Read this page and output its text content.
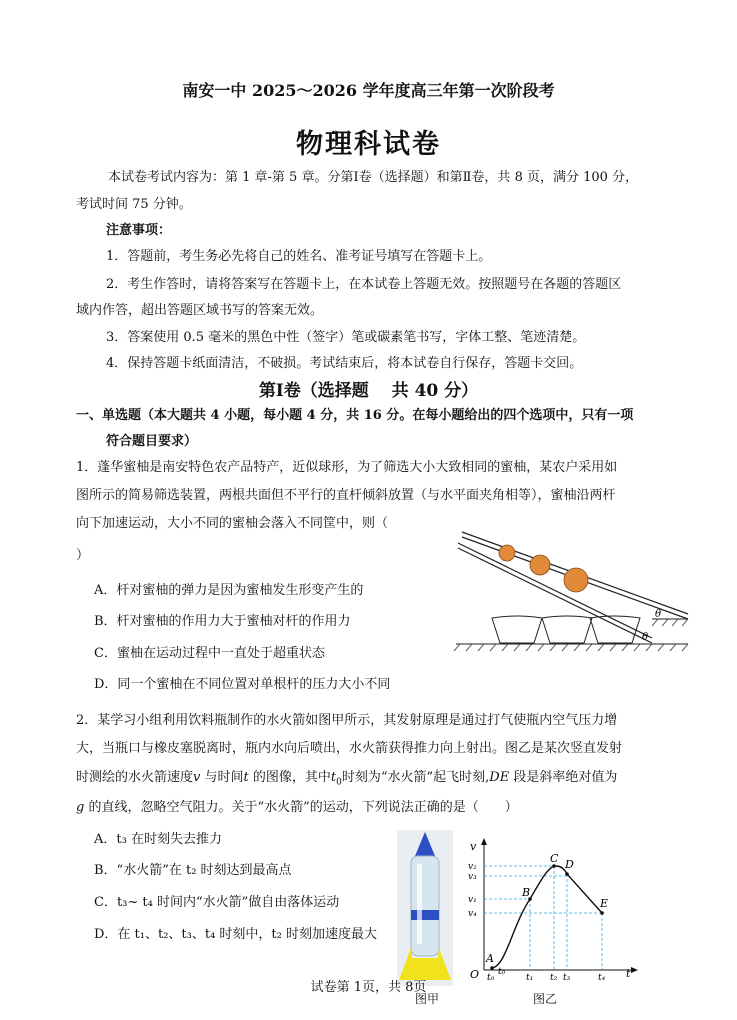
南安一中 2025～2026 学年度高三年第一次阶段考
物理科试卷
本试卷考试内容为：第 1 章-第 5 章。分第Ⅰ卷（选择题）和第Ⅱ卷，共 8 页，满分 100 分，
考试时间 75 分钟。
注意事项：
1．答题前，考生务必先将自己的姓名、准考证号填写在答题卡上。
2．考生作答时，请将答案写在答题卡上，在本试卷上答题无效。按照题号在各题的答题区
域内作答，超出答题区域书写的答案无效。
3．答案使用 0.5 毫米的黑色中性（签字）笔或碳素笔书写，字体工整、笔迹清楚。
4．保持答题卡纸面清洁，不破损。考试结束后，将本试卷自行保存，答题卡交回。
第Ⅰ卷（选择题　 共 40 分）
一、单选题（本大题共 4 小题，每小题 4 分，共 16 分。在每小题给出的四个选项中，只有一项
符合题目要求）
1．蓬华蜜柚是南安特色农产品特产，近似球形，为了筛选大小大致相同的蜜柚，某农户采用如
图所示的简易筛选装置，两根共面但不平行的直杆倾斜放置（与水平面夹角相等），蜜柚沿两杆
向下加速运动，大小不同的蜜柚会落入不同筐中，则（
）
A．杆对蜜柚的弹力是因为蜜柚发生形变产生的
B．杆对蜜柚的作用力大于蜜柚对杆的作用力
C．蜜柚在运动过程中一直处于超重状态
D．同一个蜜柚在不同位置对单根杆的压力大小不同
θ
θ
2．某学习小组利用饮料瓶制作的水火箭如图甲所示，其发射原理是通过打气使瓶内空气压力增
大，当瓶口与橡皮塞脱离时，瓶内水向后喷出，水火箭获得推力向上射出。图乙是某次竖直发射
时测绘的水火箭速度v 与时间t 的图像，其中$t_0$时刻为“水火箭”起飞时刻,DE 段是斜率绝对值为
g 的直线，忽略空气阻力。关于“水火箭”的运动，下列说法正确的是（　　）
A．t₃ 在时刻失去推力
B．“水火箭”在 t₂ 时刻达到最高点
C．t₃~ t₄ 时间内“水火箭”做自由落体运动
D．在 t₁、t₂、t₃、t₄ 时刻中，t₂ 时刻加速度最大
v
t
O
A
B
C D
E
v₂
v₃
v₁
v₄
t₀
t₀
t₁ t₂ t₃	t₄
试卷第 1页，共 8页
图甲	图乙
